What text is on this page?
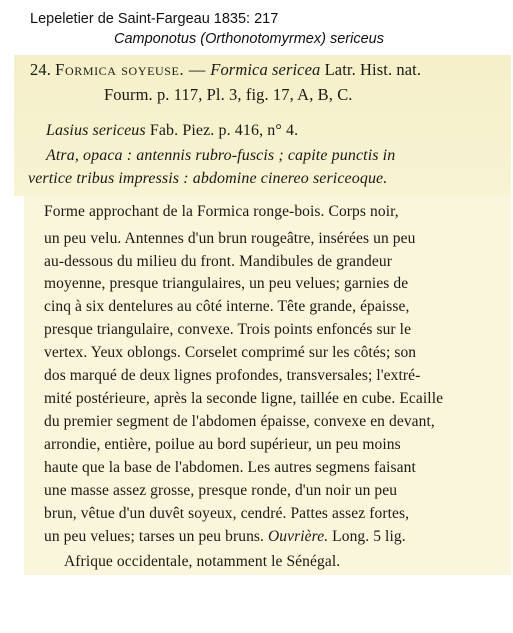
Lepeletier de Saint-Fargeau 1835: 217
Camponotus (Orthonotomyrmex) sericeus
24. Formica soyeuse. — Formica sericea Latr. Hist. nat.
Fourm. p. 117, Pl. 3, fig. 17, A, B, C.
Lasius sericeus Fab. Piez. p. 416, n° 4.
Atra, opaca : antennis rubro-fuscis ; capite punctis in
vertice tribus impressis : abdomine cinereo sericeoque.
Forme approchant de la Formica ronge-bois. Corps noir,
un peu velu. Antennes d'un brun rougeâtre, insérées un peu
au-dessous du milieu du front. Mandibules de grandeur
moyenne, presque triangulaires, un peu velues; garnies de
cinq à six dentelures au côté interne. Tête grande, épaisse,
presque triangulaire, convexe. Trois points enfoncés sur le
vertex. Yeux oblongs. Corselet comprimé sur les côtés; son
dos marqué de deux lignes profondes, transversales; l'extré-
mité postérieure, après la seconde ligne, taillée en cube. Ecaille
du premier segment de l'abdomen épaisse, convexe en devant,
arrondie, entière, poilue au bord supérieur, un peu moins
haute que la base de l'abdomen. Les autres segmens faisant
une masse assez grosse, presque ronde, d'un noir un peu
brun, vêtue d'un duvêt soyeux, cendré. Pattes assez fortes,
un peu velues; tarses un peu bruns. Ouvrière. Long. 5 lig.
Afrique occidentale, notamment le Sénégal.
